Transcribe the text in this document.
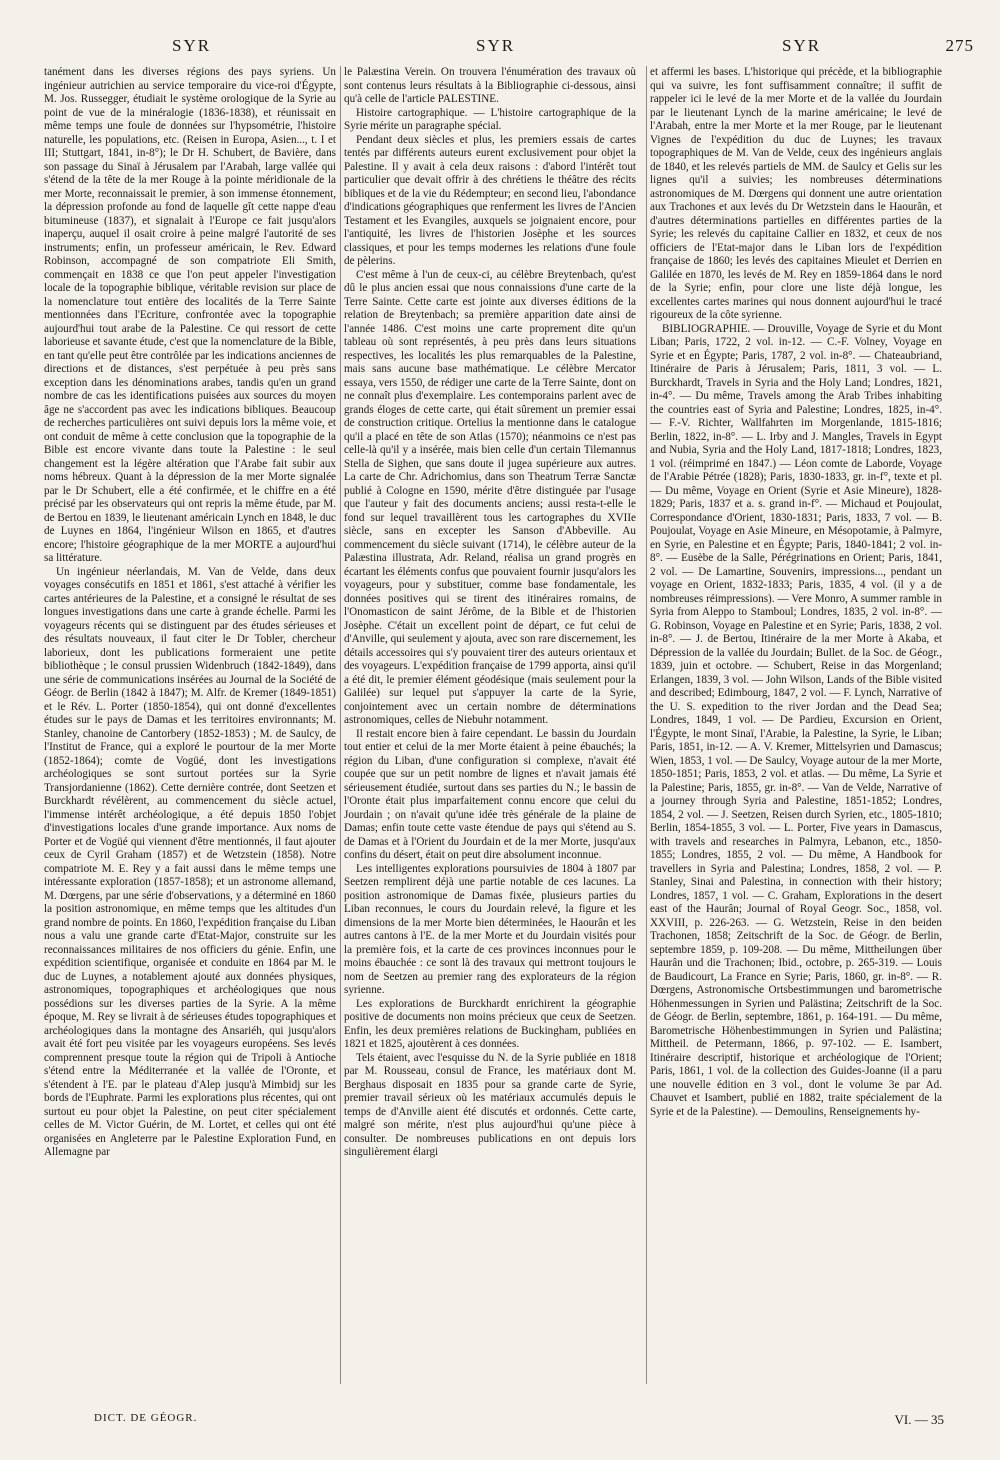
SYR	SYR	SYR	275

tanément dans les diverses régions des pays syriens. Un ingénieur autrichien au service temporaire du vice-roi d'Égypte, M. Jos. Russegger, étudiait le système orologique de la Syrie au point de vue de la minéralogie (1836-1838), et réunissait en même temps une foule de données sur l'hypsométrie, l'histoire naturelle, les populations, etc. (Reisen in Europa, Asien..., t. I et III; Stuttgart, 1841, in-8°); le Dr H. Schubert, de Bavière, dans son passage du Sinaï à Jérusalem par l'Arabah, large vallée qui s'étend de la tête de la mer Rouge à la pointe méridionale de la mer Morte, reconnaissait le premier, à son immense étonnement, la dépression profonde au fond de laquelle gît cette nappe d'eau bitumineuse (1837), et signalait à l'Europe ce fait jusqu'alors inaperçu, auquel il osait croire à peine malgré l'autorité de ses instruments; enfin, un professeur américain, le Rev. Edward Robinson, accompagné de son compatriote Eli Smith, commençait en 1838 ce que l'on peut appeler l'investigation locale de la topographie biblique, véritable revision sur place de la nomenclature tout entière des localités de la Terre Sainte mentionnées dans l'Ecriture, confrontée avec la topographie aujourd'hui tout arabe de la Palestine. Ce qui ressort de cette laborieuse et savante étude, c'est que la nomenclature de la Bible, en tant qu'elle peut être contrôlée par les indications anciennes de directions et de distances, s'est perpétuée à peu près sans exception dans les dénominations arabes, tandis qu'en un grand nombre de cas les identifications puisées aux sources du moyen âge ne s'accordent pas avec les indications bibliques. Beaucoup de recherches particulières ont suivi depuis lors la même voie, et ont conduit de même à cette conclusion que la topographie de la Bible est encore vivante dans toute la Palestine : le seul changement est la légère altération que l'Arabe fait subir aux noms hébreux. Quant à la dépression de la mer Morte signalée par le Dr Schubert, elle a été confirmée, et le chiffre en a été précisé par les observateurs qui ont repris la même étude, par M. de Bertou en 1839, le lieutenant américain Lynch en 1848, le duc de Luynes en 1864, l'ingénieur Wilson en 1865, et d'autres encore; l'histoire géographique de la mer MORTE a aujourd'hui sa littérature.

Un ingénieur néerlandais, M. Van de Velde, dans deux voyages consécutifs en 1851 et 1861, s'est attaché à vérifier les cartes antérieures de la Palestine, et a consigné le résultat de ses longues investigations dans une carte à grande échelle. Parmi les voyageurs récents qui se distinguent par des études sérieuses et des résultats nouveaux, il faut citer le Dr Tobler, chercheur laborieux, dont les publications formeraient une petite bibliothèque ; le consul prussien Widenbruch (1842-1849), dans une série de communications insérées au Journal de la Société de Géogr. de Berlin (1842 à 1847); M. Alfr. de Kremer (1849-1851) et le Rév. L. Porter (1850-1854), qui ont donné d'excellentes études sur le pays de Damas et les territoires environnants; M. Stanley, chanoine de Cantorbery (1852-1853) ; M. de Saulcy, de l'Institut de France, qui a exploré le pourtour de la mer Morte (1852-1864); comte de Vogüé, dont les investigations archéologiques se sont surtout portées sur la Syrie Transjordanienne (1862). Cette dernière contrée, dont Seetzen et Burckhardt révélèrent, au commencement du siècle actuel, l'immense intérêt archéologique, a été depuis 1850 l'objet d'investigations locales d'une grande importance. Aux noms de Porter et de Vogüé qui viennent d'être mentionnés, il faut ajouter ceux de Cyril Graham (1857) et de Wetzstein (1858). Notre compatriote M. E. Rey y a fait aussi dans le même temps une intéressante exploration (1857-1858); et un astronome allemand, M. Dœrgens, par une série d'observations, y a déterminé en 1860 la position astronomique, en même temps que les altitudes d'un grand nombre de points. En 1860, l'expédition française du Liban nous a valu une grande carte d'Etat-Major, construite sur les reconnaissances militaires de nos officiers du génie. Enfin, une expédition scientifique, organisée et conduite en 1864 par M. le duc de Luynes, a notablement ajouté aux données physiques, astronomiques, topographiques et archéologiques que nous possédions sur les diverses parties de la Syrie. A la même époque, M. Rey se livrait à de sérieuses études topographiques et archéologiques dans la montagne des Ansariéh, qui jusqu'alors avait été fort peu visitée par les voyageurs européens. Ses levés comprennent presque toute la région qui de Tripoli à Antioche s'étend entre la Méditerranée et la vallée de l'Oronte, et s'étendent à l'E. par le plateau d'Alep jusqu'à Mimbidj sur les bords de l'Euphrate. Parmi les explorations plus récentes, qui ont surtout eu pour objet la Palestine, on peut citer spécialement celles de M. Victor Guérin, de M. Lortet, et celles qui ont été organisées en Angleterre par le Palestine Exploration Fund, en Allemagne par

le Palæstina Verein. On trouvera l'énumération des travaux où sont contenus leurs résultats à la Bibliographie ci-dessous, ainsi qu'à celle de l'article PALESTINE.

Histoire cartographique. — L'histoire cartographique de la Syrie mérite un paragraphe spécial.

Pendant deux siècles et plus, les premiers essais de cartes tentés par différents auteurs eurent exclusivement pour objet la Palestine. Il y avait à cela deux raisons : d'abord l'intérêt tout particulier que devait offrir à des chrétiens le théâtre des récits bibliques et de la vie du Rédempteur; en second lieu, l'abondance d'indications géographiques que renferment les livres de l'Ancien Testament et les Evangiles, auxquels se joignaient encore, pour l'antiquité, les livres de l'historien Josèphe et les sources classiques, et pour les temps modernes les relations d'une foule de pèlerins.

C'est même à l'un de ceux-ci, au célèbre Breytenbach, qu'est dû le plus ancien essai que nous connaissions d'une carte de la Terre Sainte. Cette carte est jointe aux diverses éditions de la relation de Breytenbach; sa première apparition date ainsi de l'année 1486. C'est moins une carte proprement dite qu'un tableau où sont représentés, à peu près dans leurs situations respectives, les localités les plus remarquables de la Palestine, mais sans aucune base mathématique. Le célèbre Mercator essaya, vers 1550, de rédiger une carte de la Terre Sainte, dont on ne connaît plus d'exemplaire. Les contemporains parlent avec de grands éloges de cette carte, qui était sûrement un premier essai de construction critique. Ortelius la mentionne dans le catalogue qu'il a placé en tête de son Atlas (1570); néanmoins ce n'est pas celle-là qu'il y a insérée, mais bien celle d'un certain Tilemannus Stella de Sighen, que sans doute il jugea supérieure aux autres. La carte de Chr. Adrichomius, dans son Theatrum Terræ Sanctæ publié à Cologne en 1590, mérite d'être distinguée par l'usage que l'auteur y fait des documents anciens; aussi resta-t-elle le fond sur lequel travaillèrent tous les cartographes du XVIIe siècle, sans en excepter les Sanson d'Abbeville. Au commencement du siècle suivant (1714), le célèbre auteur de la Palæstina illustrata, Adr. Reland, réalisa un grand progrès en écartant les éléments confus que pouvaient fournir jusqu'alors les voyageurs, pour y substituer, comme base fondamentale, les données positives qui se tirent des itinéraires romains, de l'Onomasticon de saint Jérôme, de la Bible et de l'historien Josèphe. C'était un excellent point de départ, ce fut celui de d'Anville, qui seulement y ajouta, avec son rare discernement, les détails accessoires qui s'y pouvaient tirer des auteurs orientaux et des voyageurs. L'expédition française de 1799 apporta, ainsi qu'il a été dit, le premier élément géodésique (mais seulement pour la Galilée) sur lequel put s'appuyer la carte de la Syrie, conjointement avec un certain nombre de déterminations astronomiques, celles de Niebuhr notamment.

Il restait encore bien à faire cependant. Le bassin du Jourdain tout entier et celui de la mer Morte étaient à peine ébauchés; la région du Liban, d'une configuration si complexe, n'avait été coupée que sur un petit nombre de lignes et n'avait jamais été sérieusement étudiée, surtout dans ses parties du N.; le bassin de l'Oronte était plus imparfaitement connu encore que celui du Jourdain ; on n'avait qu'une idée très générale de la plaine de Damas; enfin toute cette vaste étendue de pays qui s'étend au S. de Damas et à l'Orient du Jourdain et de la mer Morte, jusqu'aux confins du désert, était on peut dire absolument inconnue.

Les intelligentes explorations poursuivies de 1804 à 1807 par Seetzen remplirent déjà une partie notable de ces lacunes. La position astronomique de Damas fixée, plusieurs parties du Liban reconnues, le cours du Jourdain relevé, la figure et les dimensions de la mer Morte bien déterminées, le Haourân et les autres cantons à l'E. de la mer Morte et du Jourdain visités pour la première fois, et la carte de ces provinces inconnues pour le moins ébauchée : ce sont là des travaux qui mettront toujours le nom de Seetzen au premier rang des explorateurs de la région syrienne.

Les explorations de Burckhardt enrichirent la géographie positive de documents non moins précieux que ceux de Seetzen. Enfin, les deux premières relations de Buckingham, publiées en 1821 et 1825, ajoutèrent à ces données.

Tels étaient, avec l'esquisse du N. de la Syrie publiée en 1818 par M. Rousseau, consul de France, les matériaux dont M. Berghaus disposait en 1835 pour sa grande carte de Syrie, premier travail sérieux où les matériaux accumulés depuis le temps de d'Anville aient été discutés et ordonnés. Cette carte, malgré son mérite, n'est plus aujourd'hui qu'une pièce à consulter. De nombreuses publications en ont depuis lors singulièrement élargi

et affermi les bases. L'historique qui précède, et la bibliographie qui va suivre, les font suffisamment connaître; il suffit de rappeler ici le levé de la mer Morte et de la vallée du Jourdain par le lieutenant Lynch de la marine américaine; le levé de l'Arabah, entre la mer Morte et la mer Rouge, par le lieutenant Vignes de l'expédition du duc de Luynes; les travaux topographiques de M. Van de Velde, ceux des ingénieurs anglais de 1840, et les relevés partiels de MM. de Saulcy et Gelis sur les lignes qu'il a suivies; les nombreuses déterminations astronomiques de M. Dœrgens qui donnent une autre orientation aux Trachones et aux levés du Dr Wetzstein dans le Haourân, et d'autres déterminations partielles en différentes parties de la Syrie; les relevés du capitaine Callier en 1832, et ceux de nos officiers de l'Etat-major dans le Liban lors de l'expédition française de 1860; les levés des capitaines Mieulet et Derrien en Galilée en 1870, les levés de M. Rey en 1859-1864 dans le nord de la Syrie; enfin, pour clore une liste déjà longue, les excellentes cartes marines qui nous donnent aujourd'hui le tracé rigoureux de la côte syrienne.

BIBLIOGRAPHIE. — Drouville, Voyage de Syrie et du Mont Liban; Paris, 1722, 2 vol. in-12. — C.-F. Volney, Voyage en Syrie et en Égypte; Paris, 1787, 2 vol. in-8°. — Chateaubriand, Itinéraire de Paris à Jérusalem; Paris, 1811, 3 vol. — L. Burckhardt, Travels in Syria and the Holy Land; Londres, 1821, in-4°. — Du même, Travels among the Arab Tribes inhabiting the countries east of Syria and Palestine; Londres, 1825, in-4°. — F.-V. Richter, Wallfahrten im Morgenlande, 1815-1816; Berlin, 1822, in-8°. — L. Irby and J. Mangles, Travels in Egypt and Nubia, Syria and the Holy Land, 1817-1818; Londres, 1823, 1 vol. (réimprimé en 1847.) — Léon comte de Laborde, Voyage de l'Arabie Pétrée (1828); Paris, 1830-1833, gr. in-f°, texte et pl. — Du même, Voyage en Orient (Syrie et Asie Mineure), 1828-1829; Paris, 1837 et a. s. grand in-f°. — Michaud et Poujoulat, Correspondance d'Orient, 1830-1831; Paris, 1833, 7 vol. — B. Poujoulat, Voyage en Asie Mineure, en Mésopotamie, à Palmyre, en Syrie, en Palestine et en Égypte; Paris, 1840-1841; 2 vol. in-8°. — Eusèbe de la Salle, Pérégrinations en Orient; Paris, 1841, 2 vol. — De Lamartine, Souvenirs, impressions..., pendant un voyage en Orient, 1832-1833; Paris, 1835, 4 vol. (il y a de nombreuses réimpressions). — Vere Monro, A summer ramble in Syria from Aleppo to Stamboul; Londres, 1835, 2 vol. in-8°. — G. Robinson, Voyage en Palestine et en Syrie; Paris, 1838, 2 vol. in-8°. — J. de Bertou, Itinéraire de la mer Morte à Akaba, et Dépression de la vallée du Jourdain; Bullet. de la Soc. de Géogr., 1839, juin et octobre. — Schubert, Reise in das Morgenland; Erlangen, 1839, 3 vol. — John Wilson, Lands of the Bible visited and described; Edimbourg, 1847, 2 vol. — F. Lynch, Narrative of the U. S. expedition to the river Jordan and the Dead Sea; Londres, 1849, 1 vol. — De Pardieu, Excursion en Orient, l'Égypte, le mont Sinaï, l'Arabie, la Palestine, la Syrie, le Liban; Paris, 1851, in-12. — A. V. Kremer, Mittelsyrien und Damascus; Wien, 1853, 1 vol. — De Saulcy, Voyage autour de la mer Morte, 1850-1851; Paris, 1853, 2 vol. et atlas. — Du même, La Syrie et la Palestine; Paris, 1855, gr. in-8°. — Van de Velde, Narrative of a journey through Syria and Palestine, 1851-1852; Londres, 1854, 2 vol. — J. Seetzen, Reisen durch Syrien, etc., 1805-1810; Berlin, 1854-1855, 3 vol. — L. Porter, Five years in Damascus, with travels and researches in Palmyra, Lebanon, etc., 1850-1855; Londres, 1855, 2 vol. — Du même, A Handbook for travellers in Syria and Palestina; Londres, 1858, 2 vol. — P. Stanley, Sinai and Palestina, in connection with their history; Londres, 1857, 1 vol. — C. Graham, Explorations in the desert east of the Haurân; Journal of Royal Geogr. Soc., 1858, vol. XXVIII, p. 226-263. — G. Wetzstein, Reise in den beiden Trachonen, 1858; Zeitschrift de la Soc. de Géogr. de Berlin, septembre 1859, p. 109-208. — Du même, Mittheilungen über Haurân und die Trachonen; Ibid., octobre, p. 265-319. — Louis de Baudicourt, La France en Syrie; Paris, 1860, gr. in-8°. — R. Dœrgens, Astronomische Ortsbestimmungen und barometrische Höhenmessungen in Syrien und Palästina; Zeitschrift de la Soc. de Géogr. de Berlin, septembre, 1861, p. 164-191. — Du même, Barometrische Höhenbestimmungen in Syrien und Palästina; Mittheil. de Petermann, 1866, p. 97-102. — E. Isambert, Itinéraire descriptif, historique et archéologique de l'Orient; Paris, 1861, 1 vol. de la collection des Guides-Joanne (il a paru une nouvelle édition en 3 vol., dont le volume 3e par Ad. Chauvet et Isambert, publié en 1882, traite spécialement de la Syrie et de la Palestine). — Demoulins, Renseignements hy-

DICT. DE GÉOGR.	VI. — 35
